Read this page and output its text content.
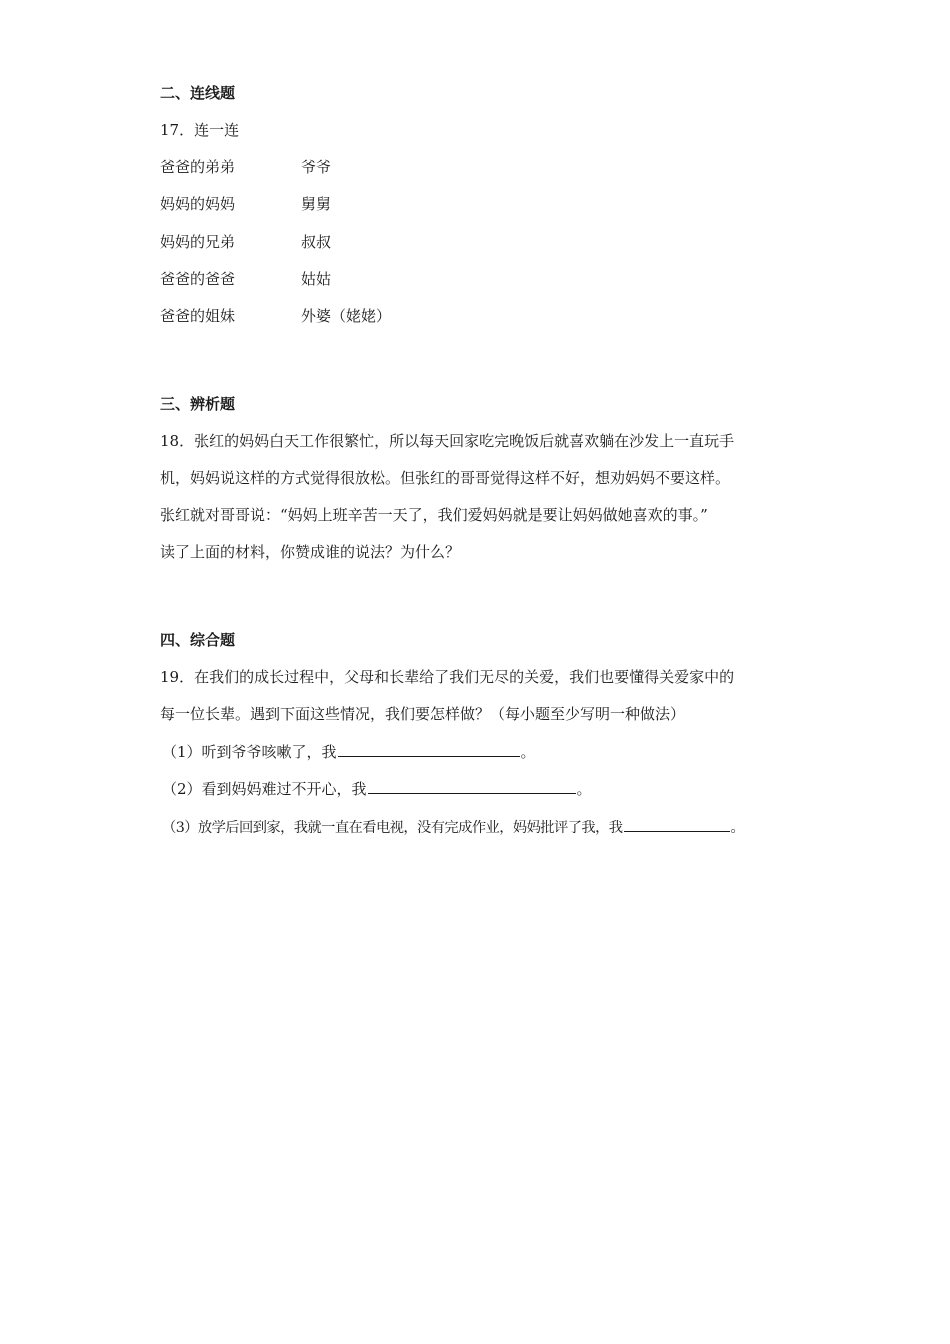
二、连线题
17．连一连
爸爸的弟弟	爷爷
妈妈的妈妈	舅舅
妈妈的兄弟	叔叔
爸爸的爸爸	姑姑
爸爸的姐妹	外婆（姥姥）
三、辨析题
18．张红的妈妈白天工作很繁忙，所以每天回家吃完晚饭后就喜欢躺在沙发上一直玩手
机，妈妈说这样的方式觉得很放松。但张红的哥哥觉得这样不好，想劝妈妈不要这样。
张红就对哥哥说：“妈妈上班辛苦一天了，我们爱妈妈就是要让妈妈做她喜欢的事。”
读了上面的材料，你赞成谁的说法？为什么？
四、综合题
19．在我们的成长过程中，父母和长辈给了我们无尽的关爱，我们也要懂得关爱家中的
每一位长辈。遇到下面这些情况，我们要怎样做？（每小题至少写明一种做法）
（1）听到爷爷咳嗽了，我	。
（2）看到妈妈难过不开心，我	。
（3）放学后回到家，我就一直在看电视，没有完成作业，妈妈批评了我，我	。
